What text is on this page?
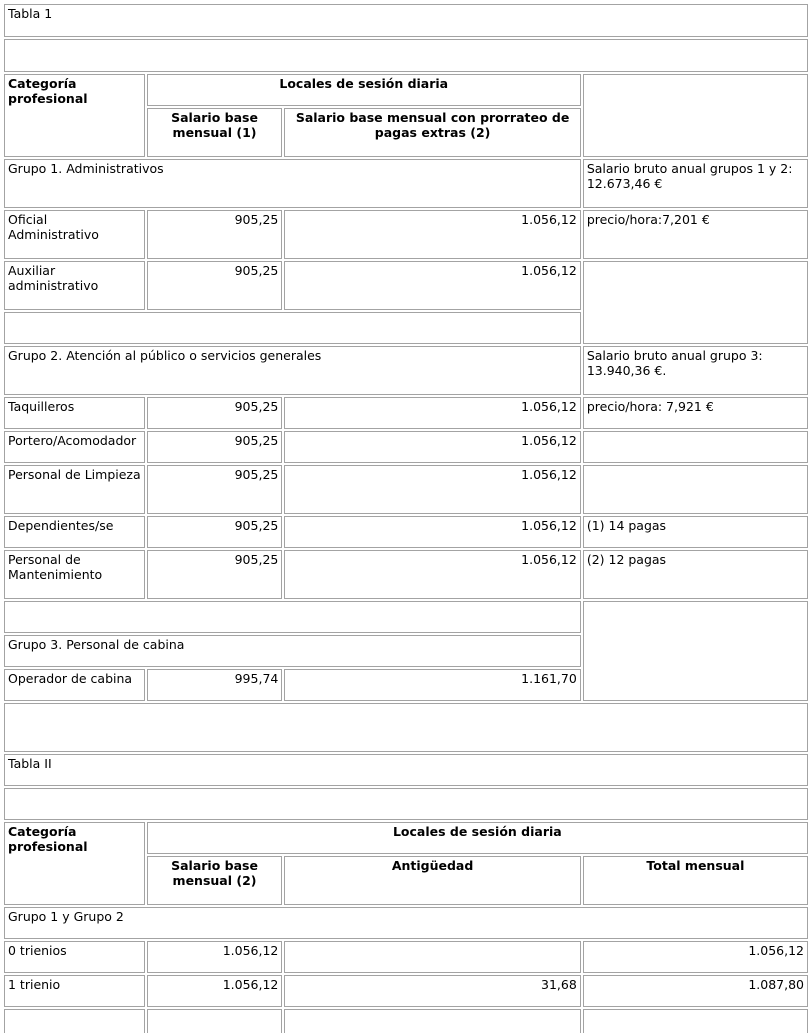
Tabla 1			

Categoría profesional	Locales de sesión diaria		
	Salario base mensual (1)	Salario base mensual con prorrateo de pagas extras (2)	
Grupo 1. Administrativos			Salario bruto anual grupos 1 y 2: 12.673,46 €
Oficial Administrativo	905,25	1.056,12	precio/hora:7,201 €
Auxiliar administrativo	905,25	1.056,12	

Grupo 2. Atención al público o servicios generales			Salario bruto anual grupo 3: 13.940,36 €.
Taquilleros	905,25	1.056,12	precio/hora: 7,921 €
Portero/Acomodador	905,25	1.056,12	
Personal de Limpieza	905,25	1.056,12	
Dependientes/se	905,25	1.056,12	(1) 14 pagas
Personal de Mantenimiento	905,25	1.056,12	(2) 12 pagas

Grupo 3. Personal de cabina			
Operador de cabina	995,74	1.161,70	

Tabla II			

Categoría profesional	Locales de sesión diaria		
	Salario base mensual (2)	Antigüedad	Total mensual
Grupo 1 y Grupo 2			
0 trienios	1.056,12		1.056,12
1 trienio	1.056,12	31,68	1.087,80
